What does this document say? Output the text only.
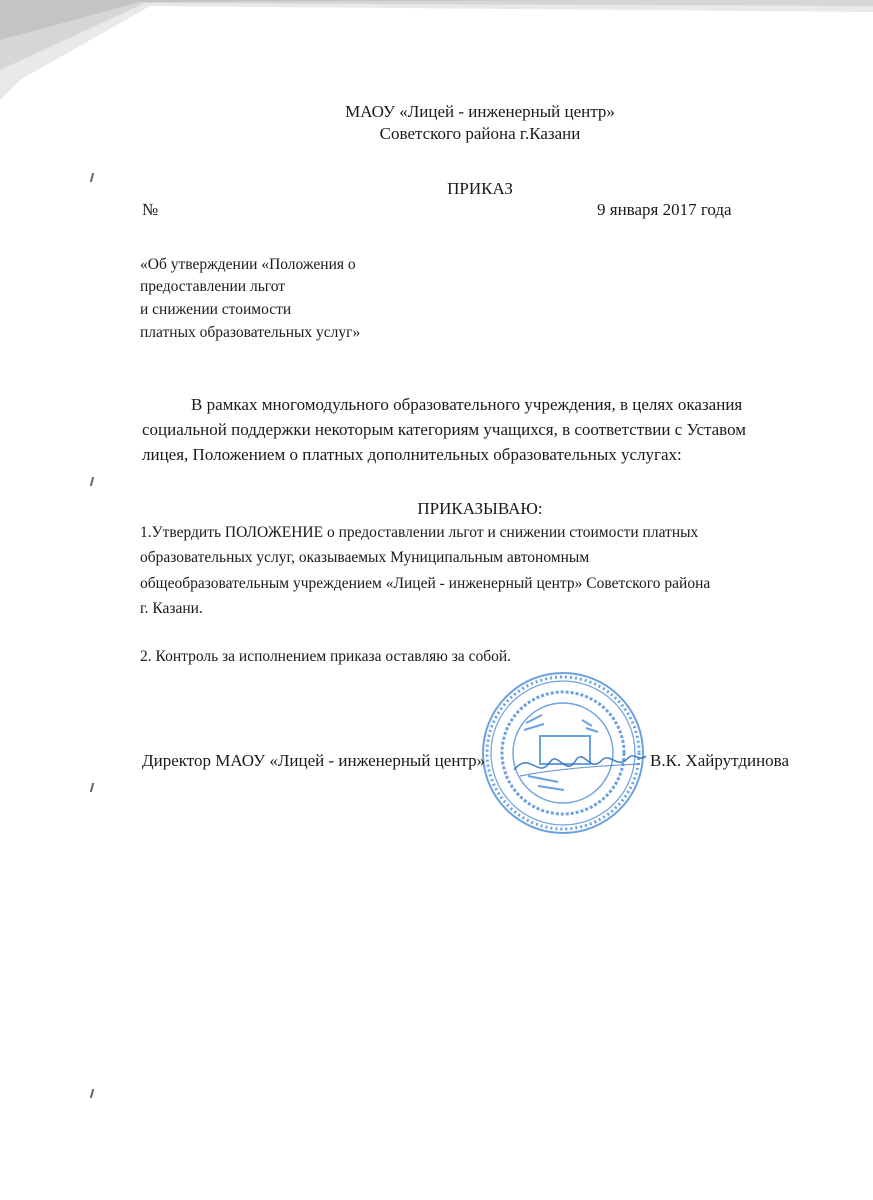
МАОУ «Лицей - инженерный центр»
Советского района г.Казани
ПРИКАЗ
№	9 января 2017 года
«Об утверждении «Положения о
предоставлении льгот
и снижении стоимости
платных образовательных услуг»
В рамках многомодульного образовательного учреждения, в целях оказания
социальной поддержки некоторым категориям учащихся, в соответствии с Уставом
лицея, Положением о платных дополнительных образовательных услугах:
ПРИКАЗЫВАЮ:
1.Утвердить ПОЛОЖЕНИЕ о предоставлении льгот и снижении стоимости платных
образовательных услуг, оказываемых Муниципальным автономным
общеобразовательным учреждением «Лицей - инженерный центр» Советского района
г. Казани.
2. Контроль за исполнением приказа оставляю за собой.
Директор МАОУ «Лицей - инженерный центр»	В.К. Хайрутдинова
